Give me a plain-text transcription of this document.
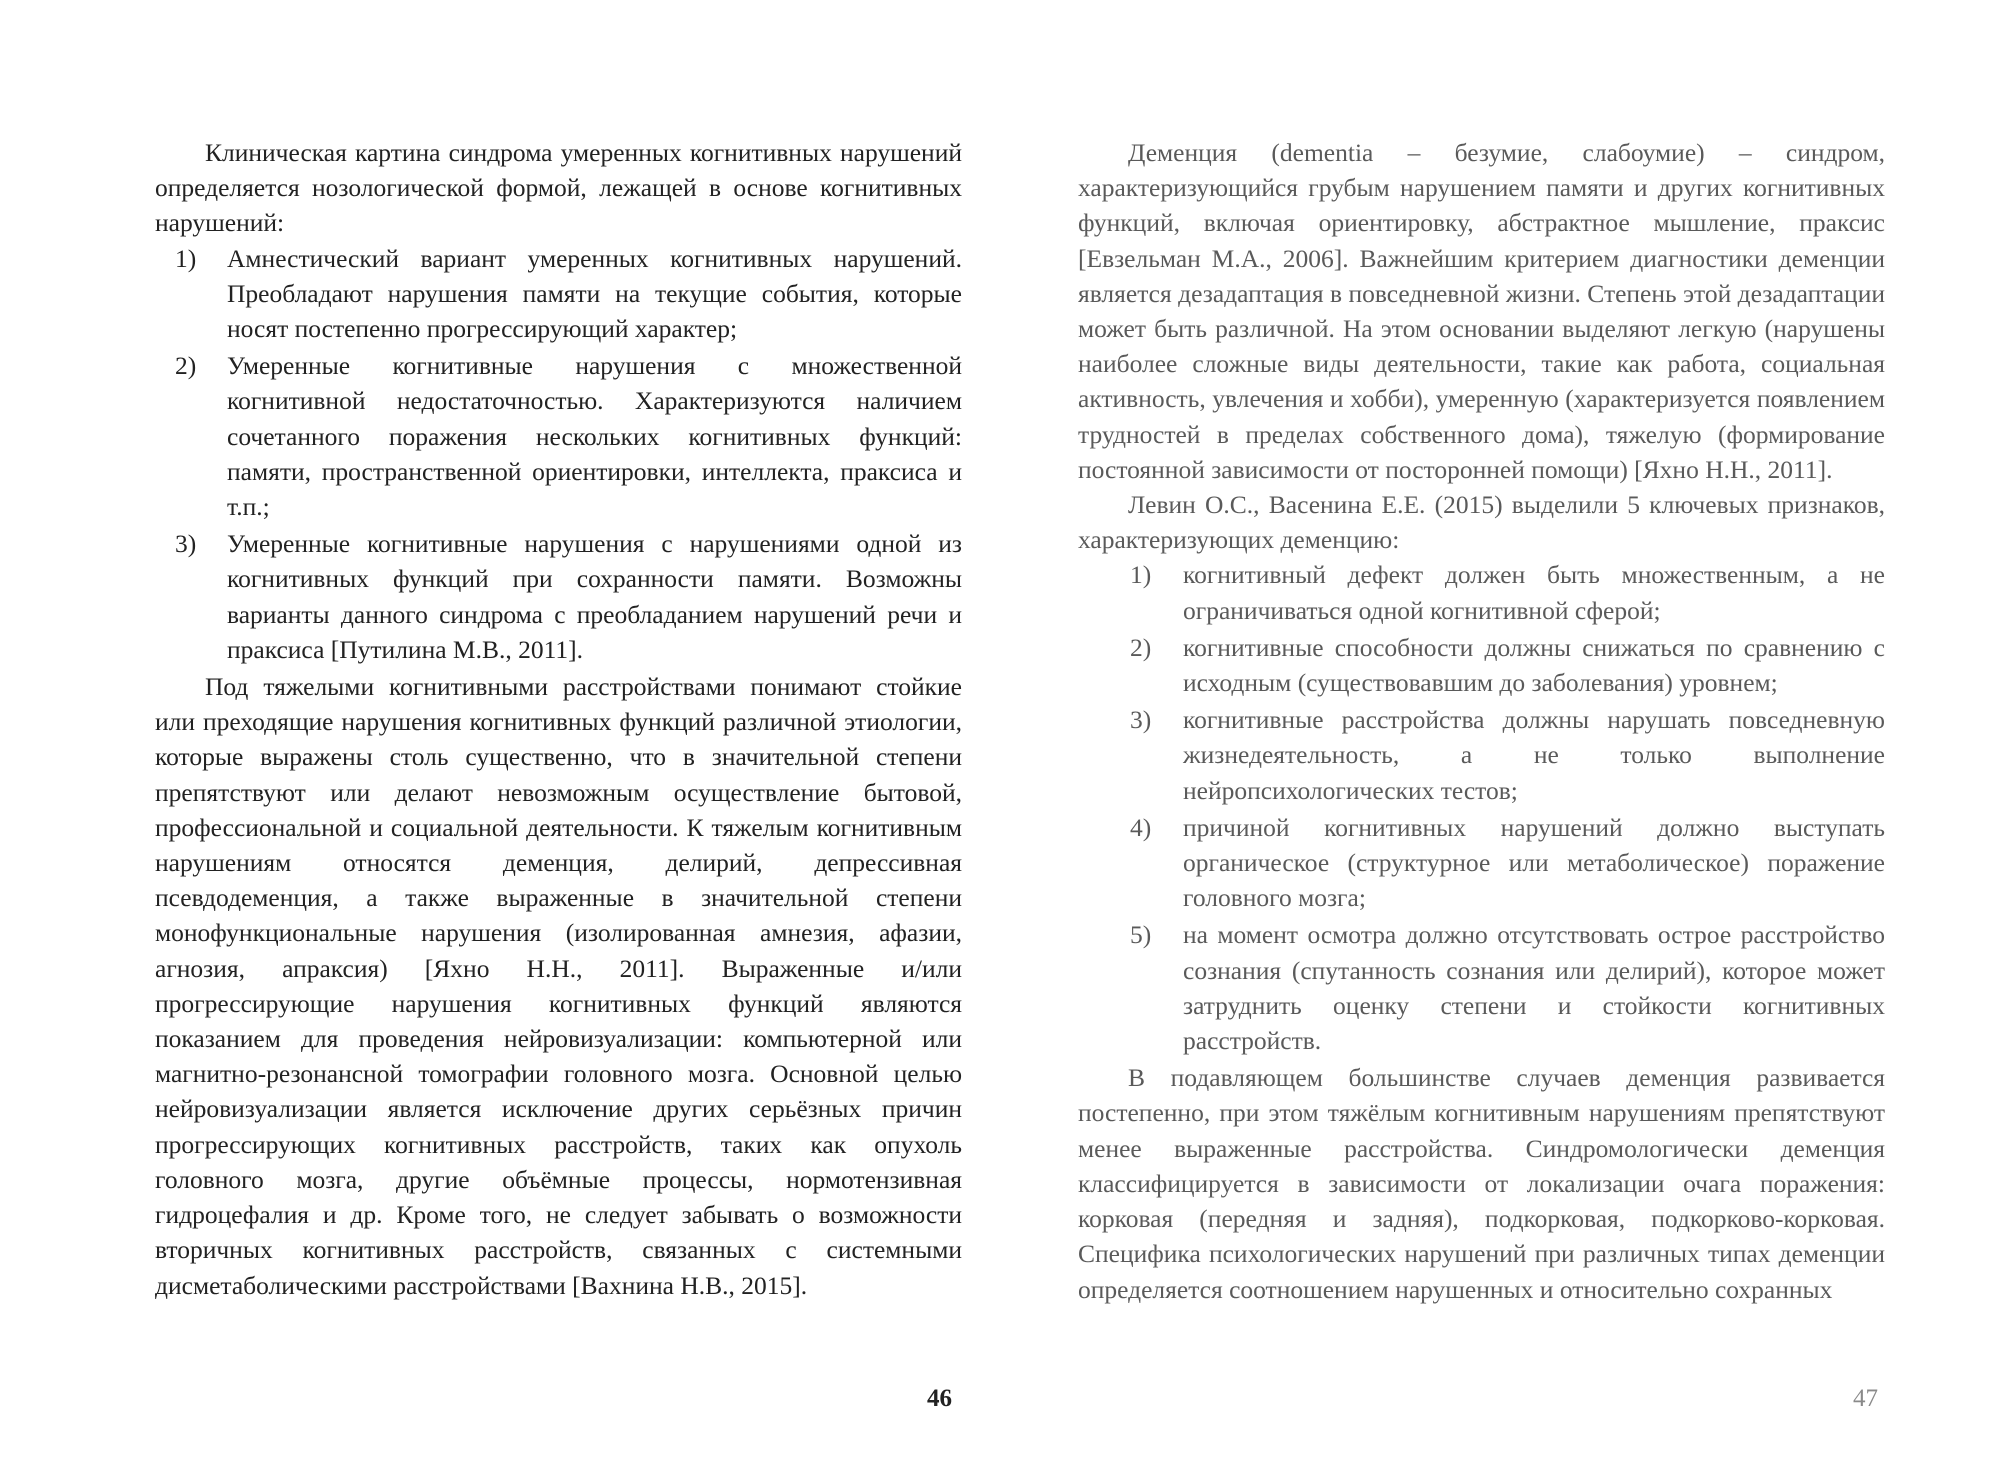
Клиническая картина синдрома умеренных когнитивных нарушений определяется нозологической формой, лежащей в основе когнитивных нарушений:

1) Амнестический вариант умеренных когнитивных нарушений. Преобладают нарушения памяти на текущие события, которые носят постепенно прогрессирующий характер;
2) Умеренные когнитивные нарушения с множественной когнитивной недостаточностью. Характеризуются наличием сочетанного поражения нескольких когнитивных функций: памяти, пространственной ориентировки, интеллекта, праксиса и т.п.;
3) Умеренные когнитивные нарушения с нарушениями одной из когнитивных функций при сохранности памяти. Возможны варианты данного синдрома с преобладанием нарушений речи и праксиса [Путилина М.В., 2011].

Под тяжелыми когнитивными расстройствами понимают стойкие или преходящие нарушения когнитивных функций различной этиологии, которые выражены столь существенно, что в значительной степени препятствуют или делают невозможным осуществление бытовой, профессиональной и социальной деятельности. К тяжелым когнитивным нарушениям относятся деменция, делирий, депрессивная псевдодеменция, а также выраженные в значительной степени монофункциональные нарушения (изолированная амнезия, афазии, агнозия, апраксия) [Яхно Н.Н., 2011]. Выраженные и/или прогрессирующие нарушения когнитивных функций являются показанием для проведения нейровизуализации: компьютерной или магнитно-резонансной томографии головного мозга. Основной целью нейровизуализации является исключение других серьёзных причин прогрессирующих когнитивных расстройств, таких как опухоль головного мозга, другие объёмные процессы, нормотензивная гидроцефалия и др. Кроме того, не следует забывать о возможности вторичных когнитивных расстройств, связанных с системными дисметаболическими расстройствами [Вахнина Н.В., 2015].

Деменция (dementia – безумие, слабоумие) – синдром, характеризующийся грубым нарушением памяти и других когнитивных функций, включая ориентировку, абстрактное мышление, праксис [Евзельман М.А., 2006]. Важнейшим критерием диагностики деменции является дезадаптация в повседневной жизни. Степень этой дезадаптации может быть различной. На этом основании выделяют легкую (нарушены наиболее сложные виды деятельности, такие как работа, социальная активность, увлечения и хобби), умеренную (характеризуется появлением трудностей в пределах собственного дома), тяжелую (формирование постоянной зависимости от посторонней помощи) [Яхно Н.Н., 2011].

Левин О.С., Васенина Е.Е. (2015) выделили 5 ключевых признаков, характеризующих деменцию:

1) когнитивный дефект должен быть множественным, а не ограничиваться одной когнитивной сферой;
2) когнитивные способности должны снижаться по сравнению с исходным (существовавшим до заболевания) уровнем;
3) когнитивные расстройства должны нарушать повседневную жизнедеятельность, а не только выполнение нейропсихологических тестов;
4) причиной когнитивных нарушений должно выступать органическое (структурное или метаболическое) поражение головного мозга;
5) на момент осмотра должно отсутствовать острое расстройство сознания (спутанность сознания или делирий), которое может затруднить оценку степени и стойкости когнитивных расстройств.

В подавляющем большинстве случаев деменция развивается постепенно, при этом тяжёлым когнитивным нарушениям препятствуют менее выраженные расстройства. Синдромологически деменция классифицируется в зависимости от локализации очага поражения: корковая (передняя и задняя), подкорковая, подкорково-корковая. Специфика психологических нарушений при различных типах деменции определяется соотношением нарушенных и относительно сохранных

46	47
